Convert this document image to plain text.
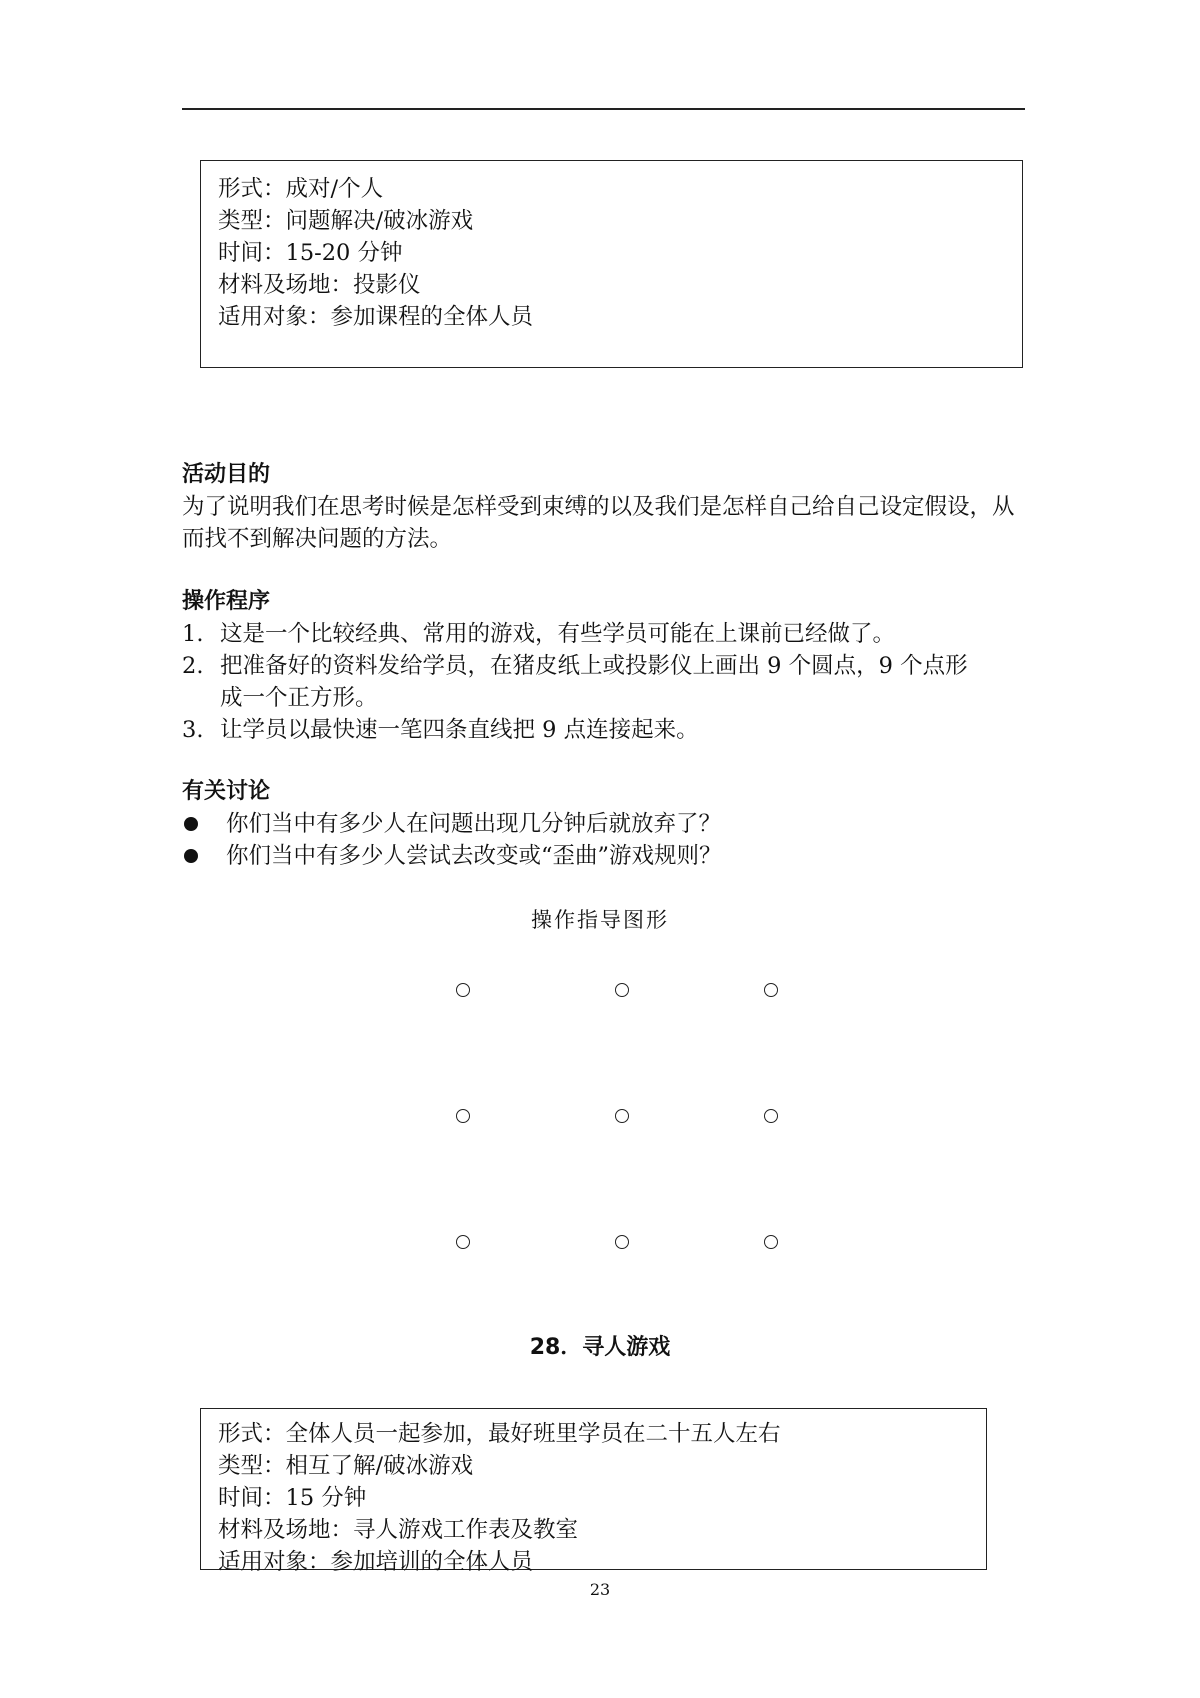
形式：成对/个人

类型：问题解决/破冰游戏

时间：15-20 分钟

材料及场地：投影仪

适用对象：参加课程的全体人员

活动目的

为了说明我们在思考时候是怎样受到束缚的以及我们是怎样自己给自己设定假设，从而找不到解决问题的方法。

操作程序
1. 这是一个比较经典、常用的游戏，有些学员可能在上课前已经做了。
2. 把准备好的资料发给学员，在猪皮纸上或投影仪上画出 9 个圆点，9 个点形
成一个正方形。
3. 让学员以最快速一笔四条直线把 9 点连接起来。
有关讨论
你们当中有多少人在问题出现几分钟后就放弃了？
你们当中有多少人尝试去改变或“歪曲”游戏规则？

操作指导图形

28．寻人游戏

形式：全体人员一起参加，最好班里学员在二十五人左右

类型：相互了解/破冰游戏

时间：15 分钟

材料及场地：寻人游戏工作表及教室

适用对象：参加培训的全体人员

23
